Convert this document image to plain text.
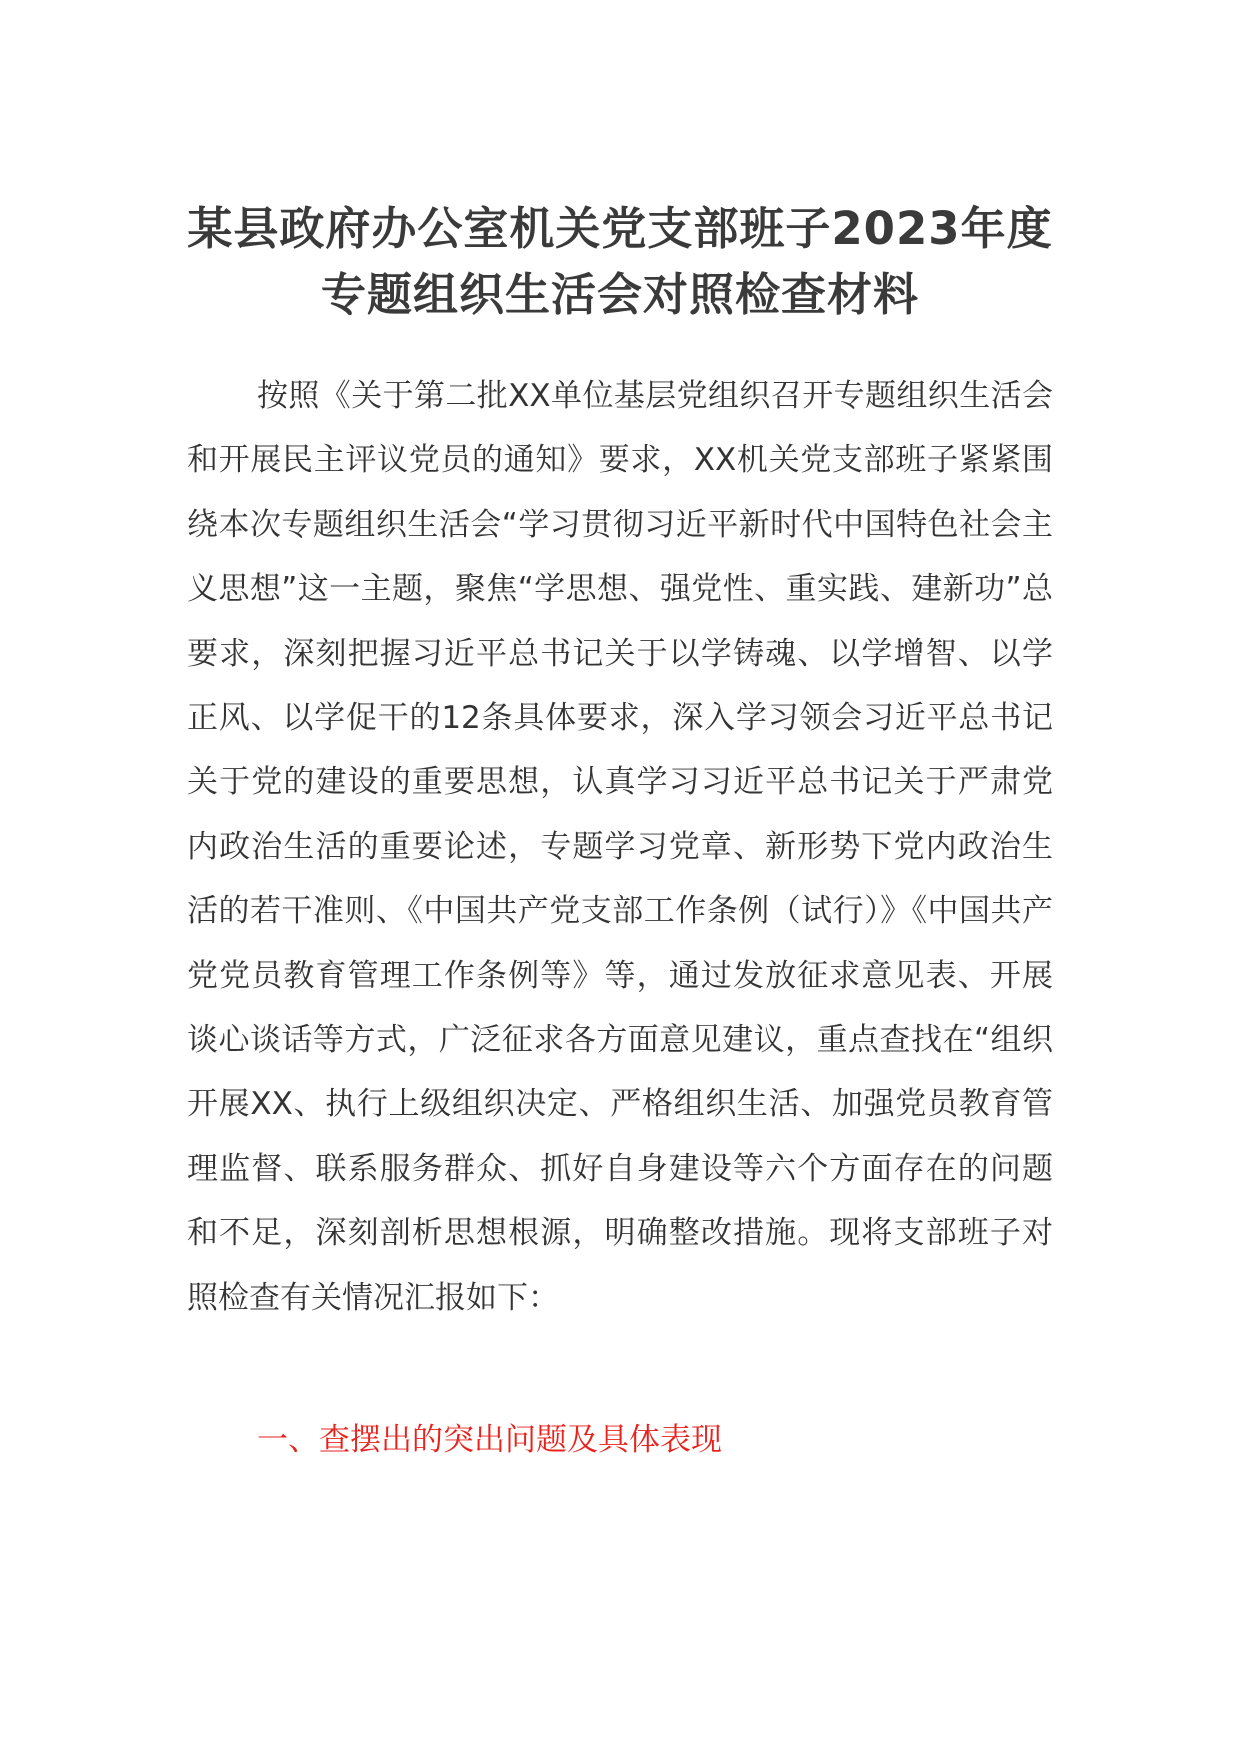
某县政府办公室机关党支部班子2023年度
专题组织生活会对照检查材料

按照《关于第二批XX单位基层党组织召开专题组织生活会和开展民主评议党员的通知》要求，XX机关党支部班子紧紧围绕本次专题组织生活会“学习贯彻习近平新时代中国特色社会主义思想”这一主题，聚焦“学思想、强党性、重实践、建新功”总要求，深刻把握习近平总书记关于以学铸魂、以学增智、以学正风、以学促干的12条具体要求，深入学习领会习近平总书记关于党的建设的重要思想，认真学习习近平总书记关于严肃党内政治生活的重要论述，专题学习党章、新形势下党内政治生活的若干准则、《中国共产党支部工作条例（试行）》《中国共产党党员教育管理工作条例等》等，通过发放征求意见表、开展谈心谈话等方式，广泛征求各方面意见建议，重点查找在“组织开展XX、执行上级组织决定、严格组织生活、加强党员教育管理监督、联系服务群众、抓好自身建设等六个方面存在的问题和不足，深刻剖析思想根源，明确整改措施。现将支部班子对照检查有关情况汇报如下：

一、查摆出的突出问题及具体表现
